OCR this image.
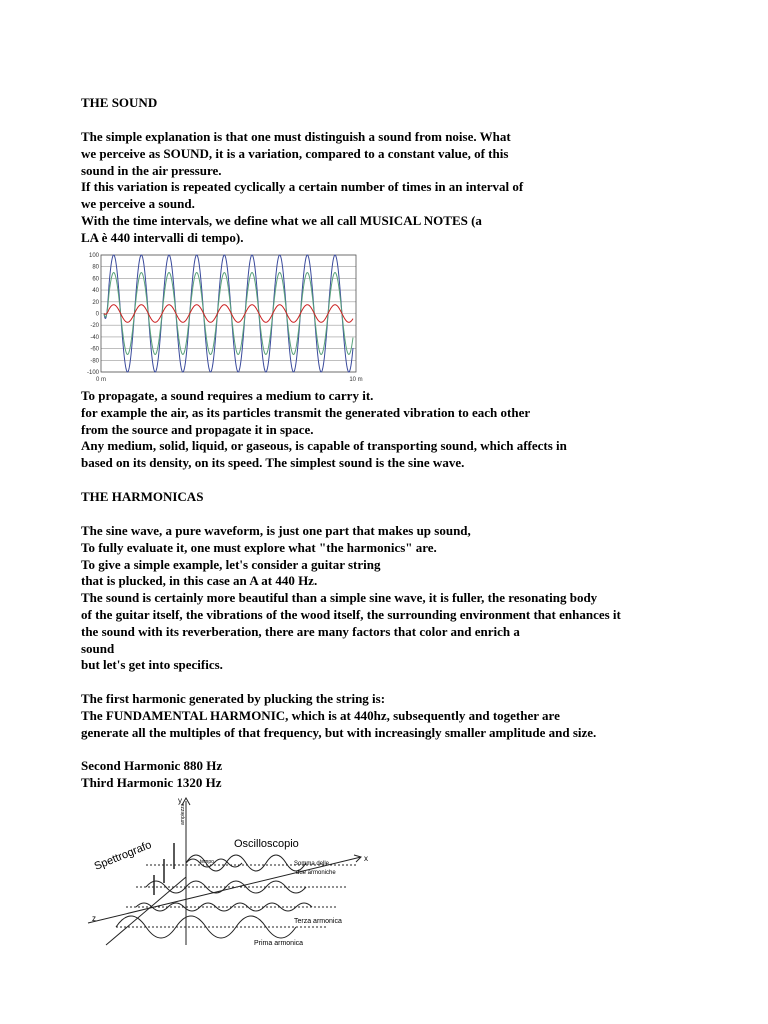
THE SOUND

The simple explanation is that one must distinguish a sound from noise. What
we perceive as SOUND, it is a variation, compared to a constant value, of this
sound in the air pressure.
If this variation is repeated cyclically a certain number of times in an interval of
we perceive a sound.
With the time intervals, we define what we all call MUSICAL NOTES (a
LA è 440 intervalli di tempo).

100
80
60
40
20
0
-20
-40
-60
-80
-100
0 m	10 m

To propagate, a sound requires a medium to carry it.
for example the air, as its particles transmit the generated vibration to each other
from the source and propagate it in space.
Any medium, solid, liquid, or gaseous, is capable of transporting sound, which affects in
based on its density, on its speed. The simplest sound is the sine wave.

THE HARMONICAS

The sine wave, a pure waveform, is just one part that makes up sound,
To fully evaluate it, one must explore what "the harmonics" are.
To give a simple example, let's consider a guitar string
that is plucked, in this case an A at 440 Hz.
The sound is certainly more beautiful than a simple sine wave, it is fuller, the resonating body
of the guitar itself, the vibrations of the wood itself, the surrounding environment that enhances it
the sound with its reverberation, there are many factors that color and enrich a
sound
but let's get into specifics.

The first harmonic generated by plucking the string is:
The FUNDAMENTAL HARMONIC, which is at 440hz, subsequently and together are
generate all the multiples of that frequency, but with increasingly smaller amplitude and size.

Second Harmonic 880 Hz
Third Harmonic 1320 Hz

Spettrografo	Oscilloscopio
Somma delle
due armoniche
Terza armonica
Prima armonica
ampiezza
tempo
y
x
z
